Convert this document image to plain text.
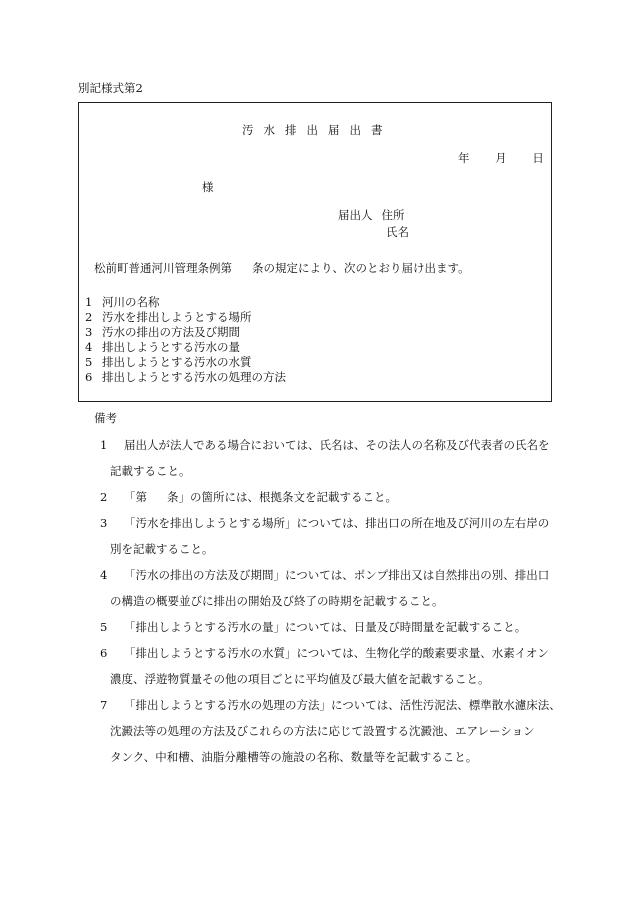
別記様式第2
汚水排出届出書
年 月 日
様
届出人 住所
氏名
松前町普通河川管理条例第 条の規定により、次のとおり届け出ます。
1 河川の名称
2 汚水を排出しようとする場所
3 汚水の排出の方法及び期間
4 排出しようとする汚水の量
5 排出しようとする汚水の水質
6 排出しようとする汚水の処理の方法
備考
1 届出人が法人である場合においては、氏名は、その法人の名称及び代表者の氏名を
記載すること。
2 「第 条」の箇所には、根拠条文を記載すること。
3 「汚水を排出しようとする場所」については、排出口の所在地及び河川の左右岸の
別を記載すること。
4 「汚水の排出の方法及び期間」については、ポンプ排出又は自然排出の別、排出口
の構造の概要並びに排出の開始及び終了の時期を記載すること。
5 「排出しようとする汚水の量」については、日量及び時間量を記載すること。
6 「排出しようとする汚水の水質」については、生物化学的酸素要求量、水素イオン
濃度、浮遊物質量その他の項目ごとに平均値及び最大値を記載すること。
7 「排出しようとする汚水の処理の方法」については、活性汚泥法、標準散水濾床法、
沈澱法等の処理の方法及びこれらの方法に応じて設置する沈澱池、エアレーション
タンク、中和槽、油脂分離槽等の施設の名称、数量等を記載すること。
